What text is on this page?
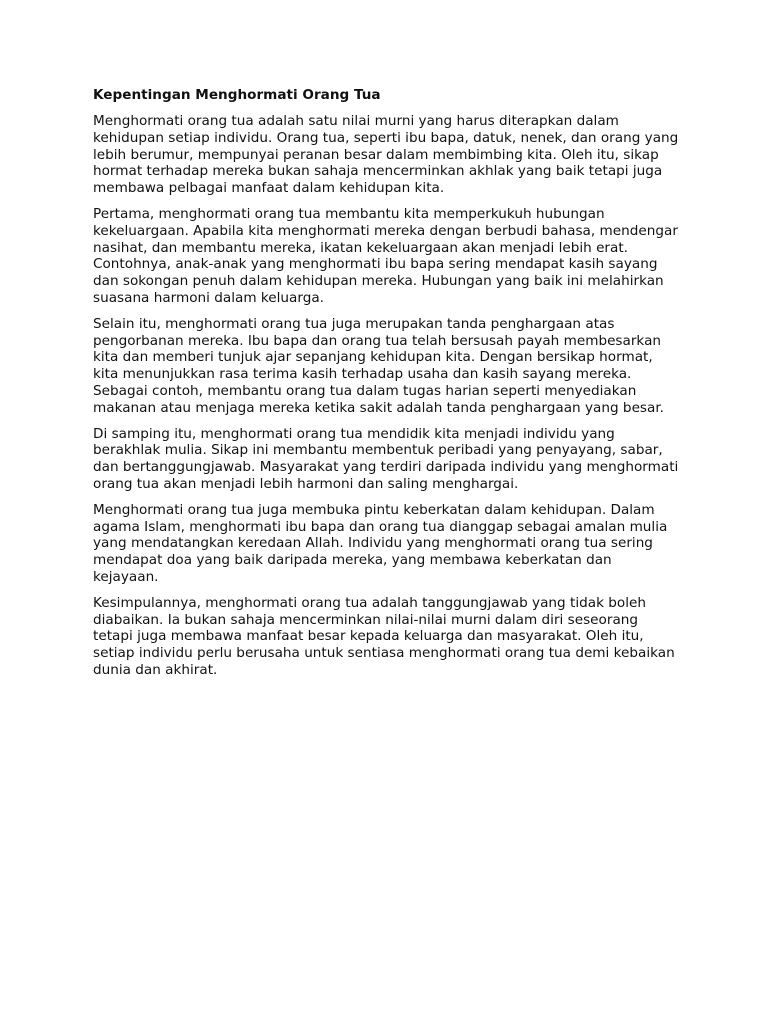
Kepentingan Menghormati Orang Tua

Menghormati orang tua adalah satu nilai murni yang harus diterapkan dalam kehidupan setiap individu. Orang tua, seperti ibu bapa, datuk, nenek, dan orang yang lebih berumur, mempunyai peranan besar dalam membimbing kita. Oleh itu, sikap hormat terhadap mereka bukan sahaja mencerminkan akhlak yang baik tetapi juga membawa pelbagai manfaat dalam kehidupan kita.

Pertama, menghormati orang tua membantu kita memperkukuh hubungan kekeluargaan. Apabila kita menghormati mereka dengan berbudi bahasa, mendengar nasihat, dan membantu mereka, ikatan kekeluargaan akan menjadi lebih erat. Contohnya, anak-anak yang menghormati ibu bapa sering mendapat kasih sayang dan sokongan penuh dalam kehidupan mereka. Hubungan yang baik ini melahirkan suasana harmoni dalam keluarga.

Selain itu, menghormati orang tua juga merupakan tanda penghargaan atas pengorbanan mereka. Ibu bapa dan orang tua telah bersusah payah membesarkan kita dan memberi tunjuk ajar sepanjang kehidupan kita. Dengan bersikap hormat, kita menunjukkan rasa terima kasih terhadap usaha dan kasih sayang mereka. Sebagai contoh, membantu orang tua dalam tugas harian seperti menyediakan makanan atau menjaga mereka ketika sakit adalah tanda penghargaan yang besar.

Di samping itu, menghormati orang tua mendidik kita menjadi individu yang berakhlak mulia. Sikap ini membantu membentuk peribadi yang penyayang, sabar, dan bertanggungjawab. Masyarakat yang terdiri daripada individu yang menghormati orang tua akan menjadi lebih harmoni dan saling menghargai.

Menghormati orang tua juga membuka pintu keberkatan dalam kehidupan. Dalam agama Islam, menghormati ibu bapa dan orang tua dianggap sebagai amalan mulia yang mendatangkan keredaan Allah. Individu yang menghormati orang tua sering mendapat doa yang baik daripada mereka, yang membawa keberkatan dan kejayaan.

Kesimpulannya, menghormati orang tua adalah tanggungjawab yang tidak boleh diabaikan. Ia bukan sahaja mencerminkan nilai-nilai murni dalam diri seseorang tetapi juga membawa manfaat besar kepada keluarga dan masyarakat. Oleh itu, setiap individu perlu berusaha untuk sentiasa menghormati orang tua demi kebaikan dunia dan akhirat.
